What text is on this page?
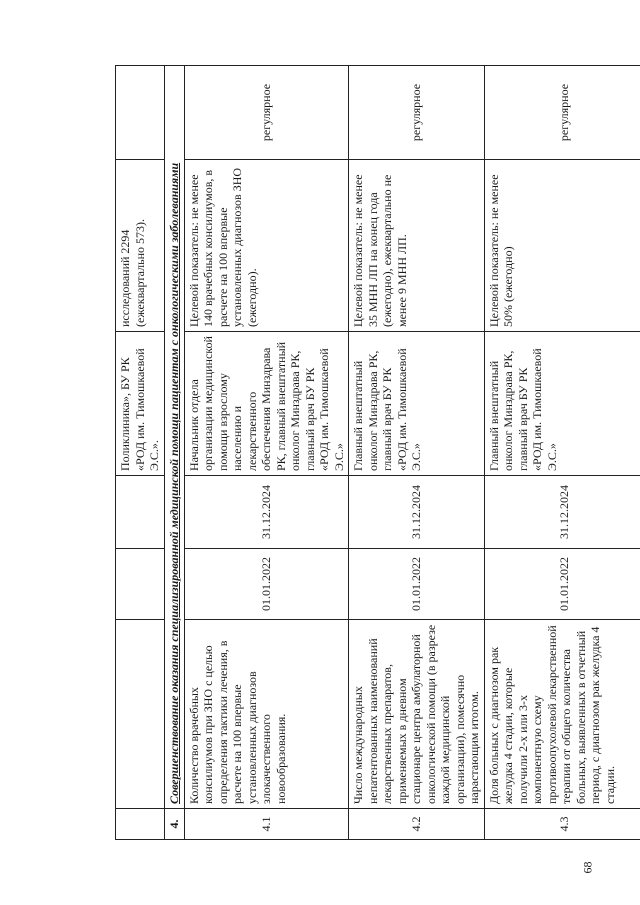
				Поликлиника», БУ РК «РОД им. Тимошкаевой Э.С.».	исследований 2294 (ежеквартально 573).	
4.	Совершенствование оказания специализированной медицинской помощи пациентам с онкологическими заболеваниями					
4.1	Количество врачебных консилиумов при ЗНО с целью определения тактики лечения, в расчете на 100 впервые установленных диагнозов злокачественного новообразования.	01.01.2022	31.12.2024	Начальник отдела организации медицинской помощи взрослому населению и лекарственного обеспечения Минздрава РК, главный внештатный онколог Минздрава РК, главный врач БУ РК «РОД им. Тимошкаевой Э.С.»	Целевой показатель: не менее 140 врачебных консилиумов, в расчете на 100 впервые установленных диагнозов ЗНО (ежегодно).	регулярное
4.2	Число международных непатентованных наименований лекарственных препаратов, применяемых в дневном стационаре центра амбулаторной онкологической помощи (в разрезе каждой медицинской организации), помесячно нарастающим итогом.	01.01.2022	31.12.2024	Главный внештатный онколог Минздрава РК, главный врач БУ РК «РОД им. Тимошкаевой Э.С.»	Целевой показатель: не менее 35 МНН ЛП на конец года (ежегодно), ежеквартально не менее 9 МНН ЛП.	регулярное
4.3	Доля больных с диагнозом рак желудка 4 стадии, которые получили 2-х или 3-х компонентную схему противоопухолевой лекарственной терапии от общего количества больных, выявленных в отчетный период, с диагнозом рак желудка 4 стадии.	01.01.2022	31.12.2024	Главный внештатный онколог Минздрава РК, главный врач БУ РК «РОД им. Тимошкаевой Э.С.»	Целевой показатель: не менее 50% (ежегодно)	регулярное
68
